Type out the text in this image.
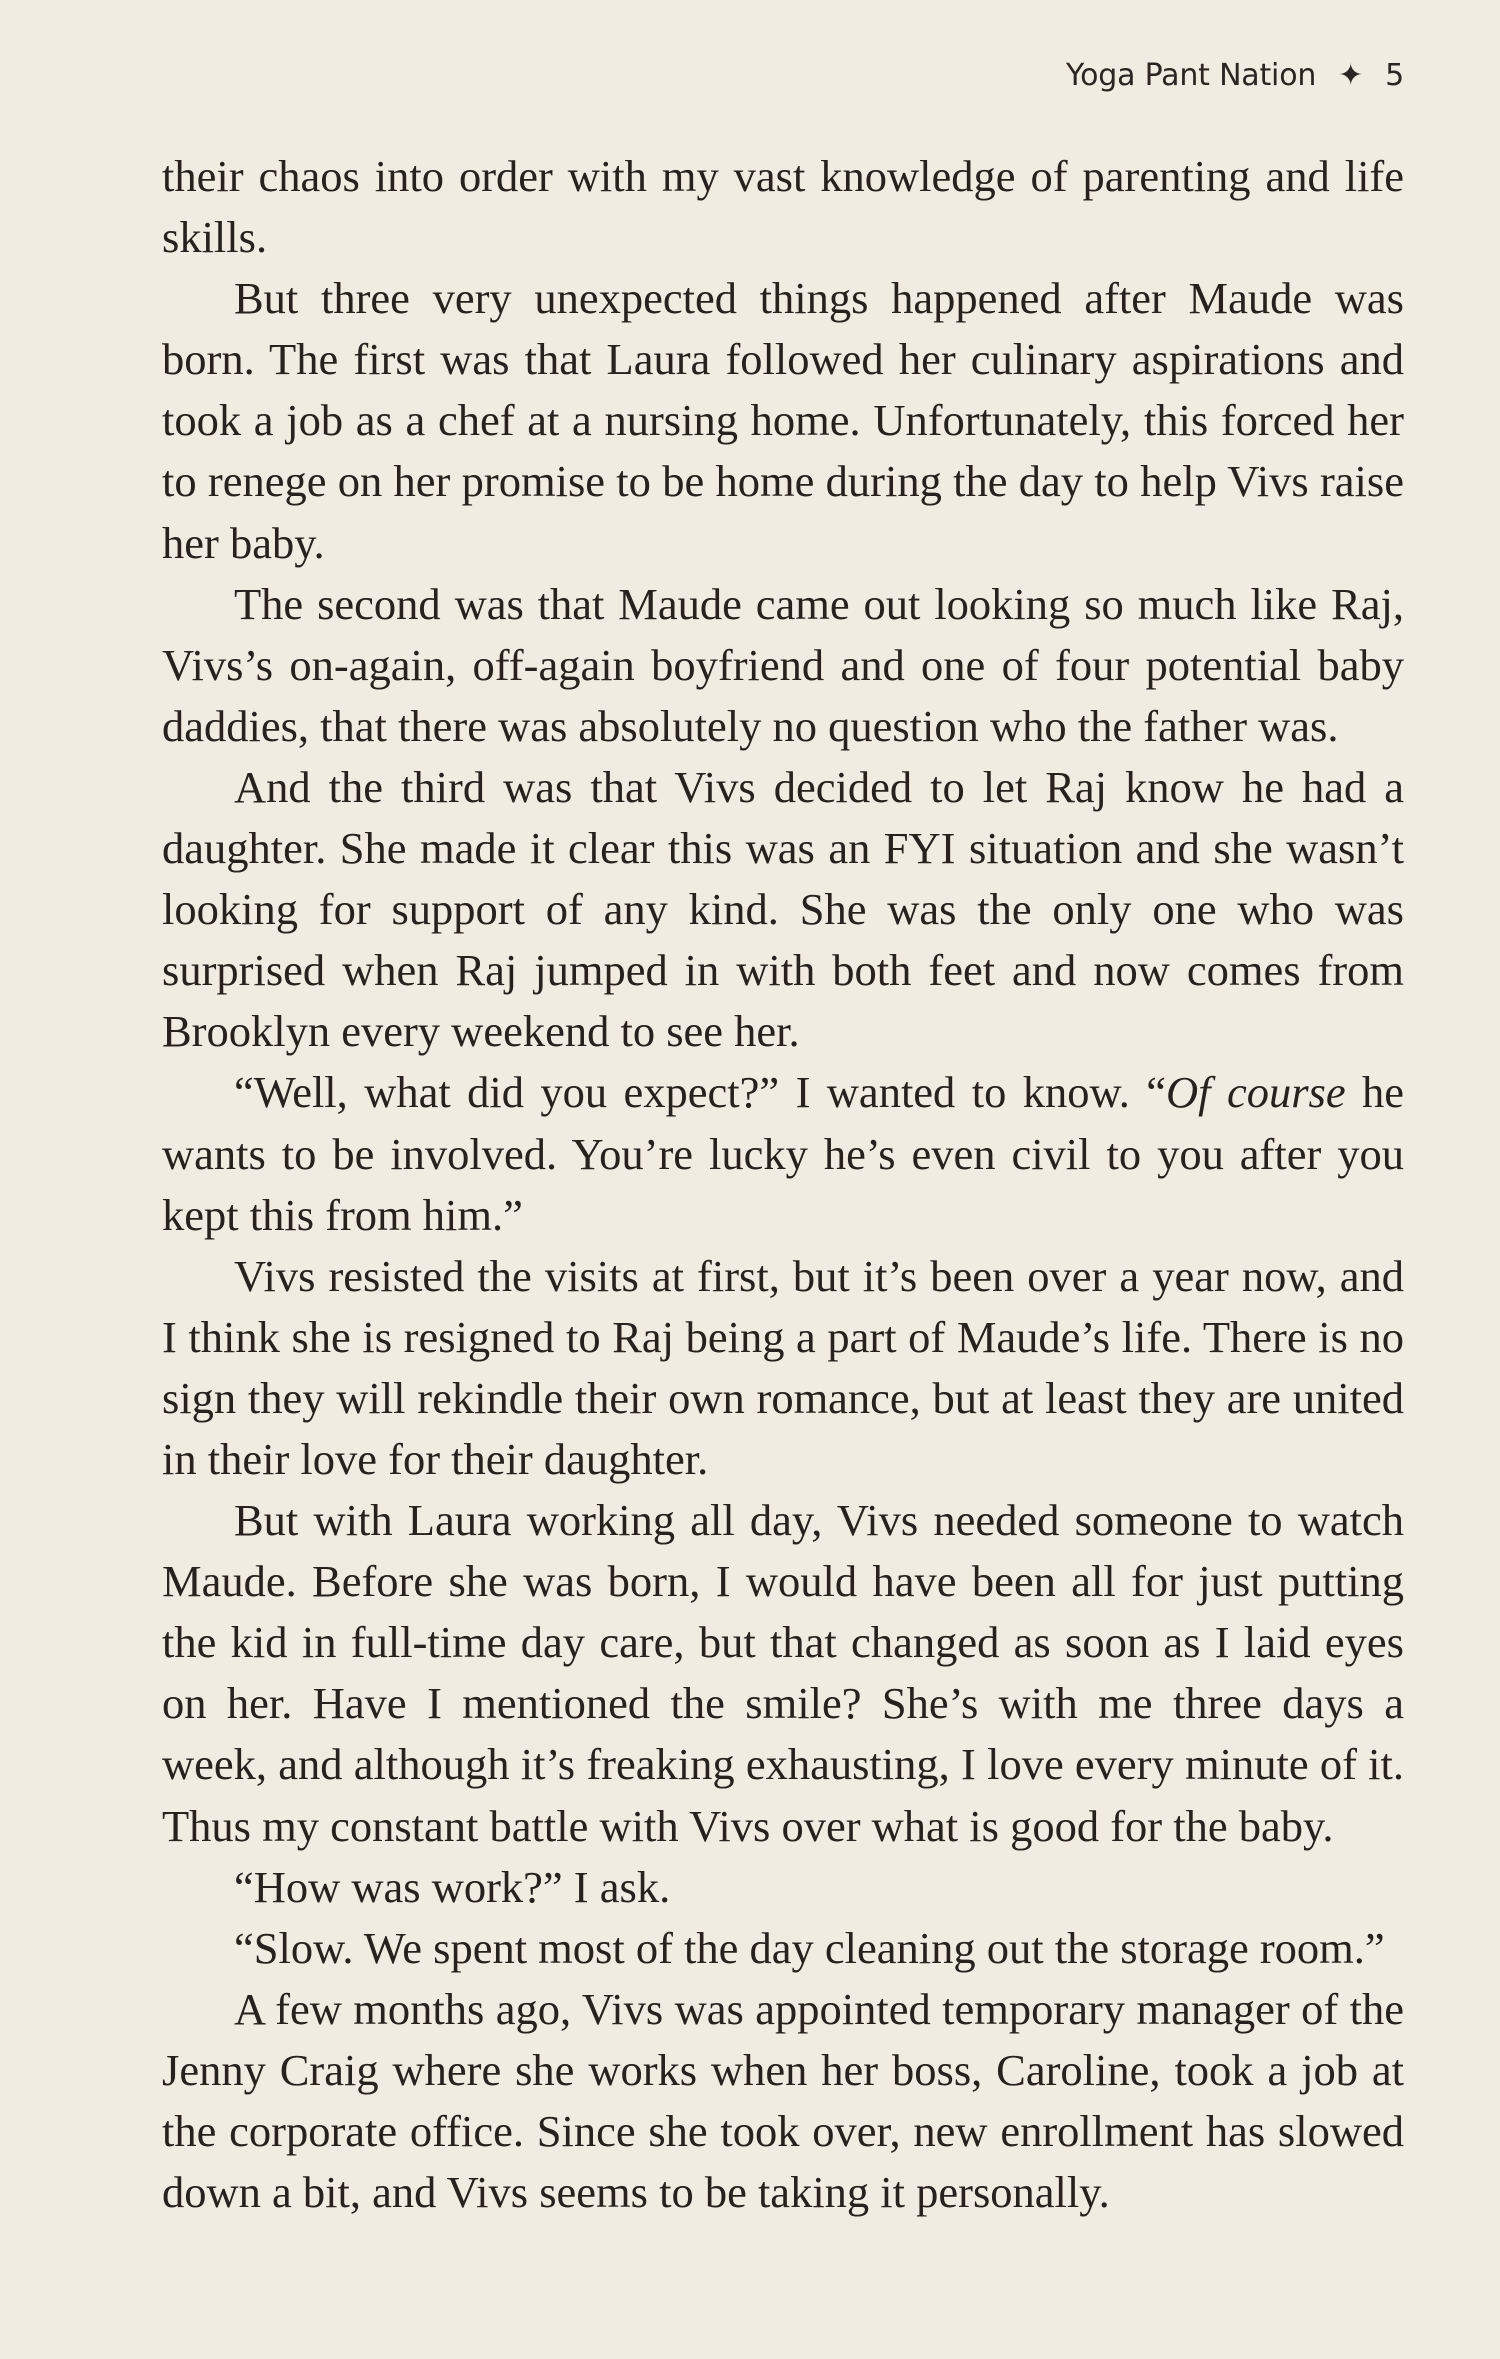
Yoga Pant Nation ✦ 5

their chaos into order with my vast knowledge of parenting and life skills.

But three very unexpected things happened after Maude was born. The first was that Laura followed her culinary aspirations and took a job as a chef at a nursing home. Unfortunately, this forced her to renege on her promise to be home during the day to help Vivs raise her baby.

The second was that Maude came out looking so much like Raj, Vivs’s on-again, off-again boyfriend and one of four potential baby daddies, that there was absolutely no question who the father was.

And the third was that Vivs decided to let Raj know he had a daughter. She made it clear this was an FYI situation and she wasn’t looking for support of any kind. She was the only one who was surprised when Raj jumped in with both feet and now comes from Brooklyn every weekend to see her.

“Well, what did you expect?” I wanted to know. “Of course he wants to be involved. You’re lucky he’s even civil to you after you kept this from him.”

Vivs resisted the visits at first, but it’s been over a year now, and I think she is resigned to Raj being a part of Maude’s life. There is no sign they will rekindle their own romance, but at least they are united in their love for their daughter.

But with Laura working all day, Vivs needed someone to watch Maude. Before she was born, I would have been all for just putting the kid in full-time day care, but that changed as soon as I laid eyes on her. Have I mentioned the smile? She’s with me three days a week, and although it’s freaking exhausting, I love every minute of it. Thus my constant battle with Vivs over what is good for the baby.

“How was work?” I ask.

“Slow. We spent most of the day cleaning out the storage room.”

A few months ago, Vivs was appointed temporary manager of the Jenny Craig where she works when her boss, Caroline, took a job at the corporate office. Since she took over, new enrollment has slowed down a bit, and Vivs seems to be taking it personally.
